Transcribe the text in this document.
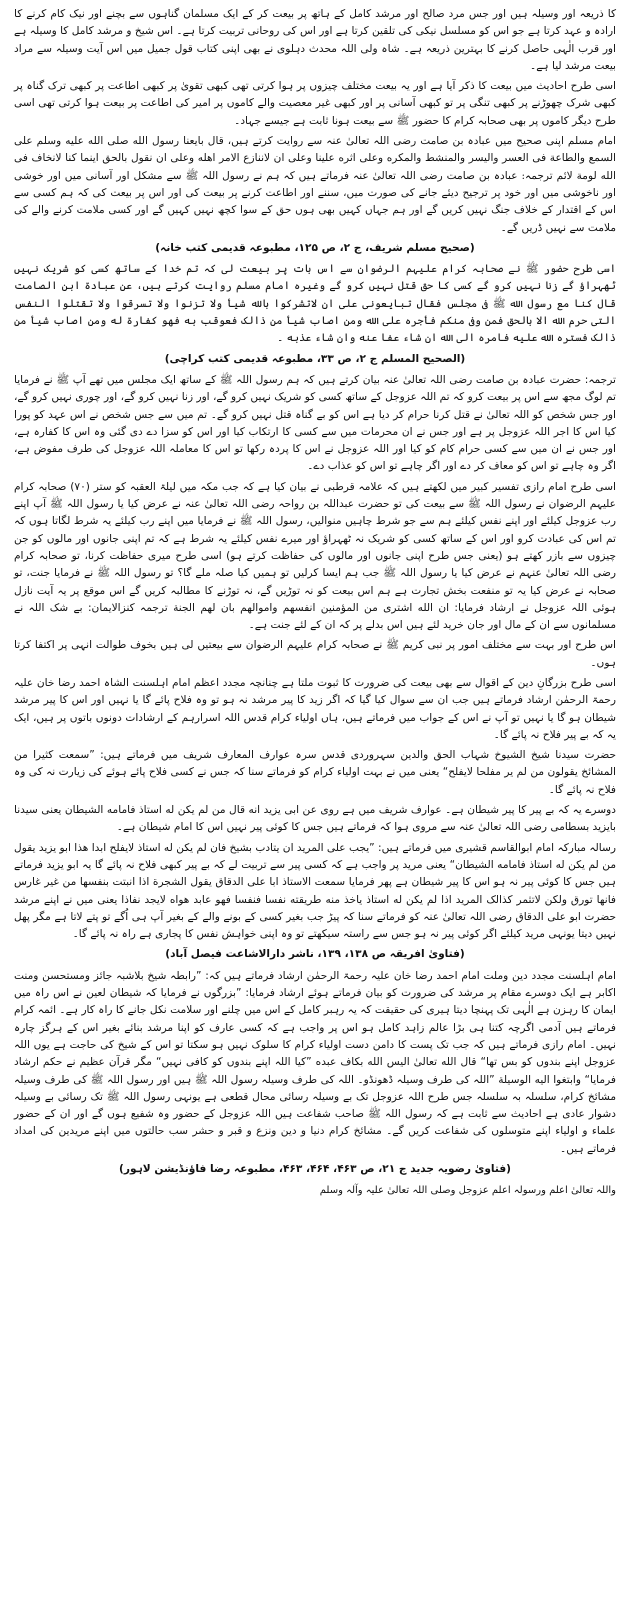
کا ذریعہ اور وسیلہ ہیں اور جس مرد صالح اور مرشد کامل کے ہاتھ پر بیعت کر کے ایک مسلمان گناہوں سے بچنے اور نیک کام کرنے کا ارادہ و عہد کرتا ہے جو اس کو مسلسل نیکی کی تلقین کرتا ہے اور اس کی روحانی تربیت کرتا ہے۔ اس شیخ و مرشد کامل کا وسیلہ ہے اور قرب الٰہی حاصل کرنے کا بہترین ذریعہ ہے۔ شاہ ولی اللہ محدث دہلوی نے بھی اپنی کتاب قول جمیل میں اس آیت وسیلہ سے مراد بیعت مرشد لیا ہے۔

اسی طرح احادیث میں بیعت کا ذکر آیا ہے اور یہ بیعت مختلف چیزوں پر ہوا کرتی تھی کبھی تقویٰ پر کبھی اطاعت پر کبھی ترک گناہ پر کبھی شرک چھوڑنے پر کبھی تنگی پر تو کبھی آسانی پر اور کبھی غیر معصیت والے کاموں پر امیر کی اطاعت پر بیعت ہوا کرتی تھی اسی طرح دیگر کاموں پر بھی صحابہ کرام کا حضور ﷺ سے بیعت ہونا ثابت ہے جیسے جہاد۔

امام مسلم اپنی صحیح میں عبادہ بن صامت رضی اللہ تعالیٰ عنہ سے روایت کرتے ہیں، قال بایعنا رسول الله صلی الله علیه وسلم علی السمع والطاعة فی العسر والیسر والمنشط والمکره وعلی اثره علینا وعلی ان لاننازع الامر اهله وعلی ان نقول بالحق اینما کنا لانخاف فی الله لومة لائم ترجمہ: عبادہ بن صامت رضی اللہ تعالیٰ عنہ فرماتے ہیں کہ ہم نے رسول اللہ ﷺ سے مشکل اور آسانی میں اور خوشی اور ناخوشی میں اور خود پر ترجیح دیئے جانے کی صورت میں، سننے اور اطاعت کرنے پر بیعت کی اور اس پر بیعت کی کہ ہم کسی سے اس کے اقتدار کے خلاف جنگ نہیں کریں گے اور ہم جہاں کہیں بھی ہوں حق کے سوا کچھ نہیں کہیں گے اور کسی ملامت کرنے والے کی ملامت سے نہیں ڈریں گے۔

(صحیح مسلم شریف، ج ۲، ص ۱۲۵، مطبوعہ قدیمی کتب خانہ)

اسی طرح حضور ﷺ نے صحابہ کرام علیہم الرضوان سے اس بات پر بیعت لی کہ تم خدا کے ساتھ کسی کو شریک نہیں ٹھہراؤ گے زنا نہیں کرو گے کسی کا حق قتل نہیں کرو گے وغیرہ امام مسلم روایت کرتے ہیں، عن عبادة ابن الصامت قال کنا مع رسول الله ﷺ فی مجلس فقال تبایعونی علی ان لاتشرکوا بالله شیأ ولا تزنوا ولا تسرقوا ولا تقتلوا النفس التی حرم الله الا بالحق فمن وفی منکم فأجره علی الله ومن اصاب شیأ من ذالک فعوقب به فهو کفارة له ومن اصاب شیأ من ذالک فستره الله علیه فامره الی الله ان شاء عفا عنه وان شاء عذبه ۔

(الصحیح المسلم ج ۲، ص ۳۳، مطبوعہ قدیمی کتب کراچی)

ترجمہ: حضرت عبادہ بن صامت رضی اللہ تعالیٰ عنہ بیان کرتے ہیں کہ ہم رسول اللہ ﷺ کے ساتھ ایک مجلس میں تھے آپ ﷺ نے فرمایا تم لوگ مجھ سے اس پر بیعت کرو کہ تم اللہ عزوجل کے ساتھ کسی کو شریک نہیں کرو گے، اور زنا نہیں کرو گے، اور چوری نہیں کرو گے، اور جس شخص کو اللہ تعالیٰ نے قتل کرنا حرام کر دیا ہے اس کو بے گناہ قتل نہیں کرو گے۔ تم میں سے جس شخص نے اس عہد کو پورا کیا اس کا اجر اللہ عزوجل پر ہے اور جس نے ان محرمات میں سے کسی کا ارتکاب کیا اور اس کو سزا دے دی گئی وہ اس کا کفارہ ہے، اور جس نے ان میں سے کسی حرام کام کو کیا اور اللہ عزوجل نے اس کا پردہ رکھا تو اس کا معاملہ اللہ عزوجل کی طرف مفوض ہے، اگر وہ چاہے تو اس کو معاف کر دے اور اگر چاہے تو اس کو عذاب دے۔

اسی طرح امام رازی تفسیر کبیر میں لکھتے ہیں کہ علامہ قرطبی نے بیان کیا ہے کہ جب مکہ میں لیلۃ العقبہ کو ستر (۷۰) صحابہ کرام علیہم الرضوان نے رسول اللہ ﷺ سے بیعت کی تو حضرت عبداللہ بن رواحہ رضی اللہ تعالیٰ عنہ نے عرض کیا یا رسول اللہ ﷺ آپ اپنے رب عزوجل کیلئے اور اپنے نفس کیلئے ہم سے جو شرط چاہیں منوالیں، رسول اللہ ﷺ نے فرمایا میں اپنے رب کیلئے یہ شرط لگاتا ہوں کہ تم اس کی عبادت کرو اور اس کے ساتھ کسی کو شریک نہ ٹھہراؤ اور میرے نفس کیلئے یہ شرط ہے کہ تم اپنی جانوں اور مالوں کو جن چیزوں سے بازر کھتے ہو (یعنی جس طرح اپنی جانوں اور مالوں کی حفاظت کرتے ہو) اسی طرح میری حفاظت کرنا، تو صحابہ کرام رضی اللہ تعالیٰ عنہم نے عرض کیا یا رسول اللہ ﷺ جب ہم ایسا کرلیں تو ہمیں کیا صلہ ملے گا؟ تو رسول اللہ ﷺ نے فرمایا جنت، تو صحابہ نے عرض کیا یہ تو منفعت بخش تجارت ہے ہم اس بیعت کو نہ توڑیں گے، نہ توڑنے کا مطالبہ کریں گے اس موقع پر یہ آیت نازل ہوئی اللہ عزوجل نے ارشاد فرمایا: ان الله اشتری من المؤمنین انفسهم واموالهم بان لهم الجنة ترجمہ کنزالایمان: بے شک اللہ نے مسلمانوں سے ان کے مال اور جان خرید لئے ہیں اس بدلے پر کہ ان کے لئے جنت ہے۔

اس طرح اور بہت سے مختلف امور پر نبی کریم ﷺ نے صحابہ کرام علیہم الرضوان سے بیعتیں لی ہیں بخوف طوالت انہی پر اکتفا کرتا ہوں۔

اسی طرح بزرگانِ دین کے اقوال سے بھی بیعت کی ضرورت کا ثبوت ملتا ہے چنانچہ مجدد اعظم امام اہلسنت الشاہ احمد رضا خان علیہ رحمۃ الرحمٰن ارشاد فرماتے ہیں جب ان سے سوال کیا گیا کہ اگر زید کا پیر مرشد نہ ہو تو وہ فلاح پائے گا یا نہیں اور اس کا پیر مرشد شیطان ہو گا یا نہیں تو آپ نے اس کے جواب میں فرماتے ہیں، ہاں اولیاء کرام قدس اللہ اسرارہم کے ارشادات دونوں باتوں پر ہیں، ایک یہ کہ بے پیر فلاح نہ پائے گا۔

حضرت سیدنا شیخ الشیوخ شہاب الحق والدین سہروردی قدس سرہ عوارف المعارف شریف میں فرماتے ہیں: ”سمعت کثیرا من المشائخ یقولون من لم یر مفلحا لایفلح“ یعنی میں نے بہت اولیاء کرام کو فرماتے سنا کہ جس نے کسی فلاح پائے ہوئے کی زیارت نہ کی وہ فلاح نہ پائے گا۔

دوسرے یہ کہ بے پیر کا پیر شیطان ہے۔ عوارف شریف میں ہے روی عن ابی یزید انه قال من لم یکن له استاذ فامامه الشیطان یعنی سیدنا بایزید بسطامی رضی اللہ تعالیٰ عنہ سے مروی ہوا کہ فرماتے ہیں جس کا کوئی پیر نہیں اس کا امام شیطان ہے۔

رسالہ مبارکہ امام ابوالقاسم قشیری میں فرماتے ہیں: ”یجب علی المرید ان یتادب بشیخ فان لم یکن له استاذ لایفلح ابدا هذا ابو یزید یقول من لم یکن له استاذ فامامه الشیطان“ یعنی مرید پر واجب ہے کہ کسی پیر سے تربیت لے کہ بے پیر کبھی فلاح نہ پائے گا یہ ابو یزید فرماتے ہیں جس کا کوئی پیر نہ ہو اس کا پیر شیطان ہے پھر فرمایا سمعت الاستاذ ابا علی الدقاق یقول الشجرة اذا انبتت بنفسها من غیر غارس فانها تورق ولکن لاتثمر کذالک المرید اذا لم یکن له استاذ یاخذ منه طریقته نفسا فنفسا فهو عابد هواه لایجد نفاذا یعنی میں نے اپنے مرشد حضرت ابو علی الدقاق رضی اللہ تعالیٰ عنہ کو فرماتے سنا کہ پیڑ جب بغیر کسی کے بونے والے کے بغیر آپ ہی اُگے تو پتے لاتا ہے مگر پھل نہیں دیتا یونہی مرید کیلئے اگر کوئی پیر نہ ہو جس سے راستہ سیکھتے تو وہ اپنی خواہش نفس کا پجاری ہے راہ نہ پائے گا۔

(فتاویٰ افریقہ ص ۱۳۸، ۱۳۹، ناشر دارالاشاعت فیصل آباد)

امام اہلسنت مجدد دین وملت امام احمد رضا خان علیہ رحمۃ الرحمٰن ارشاد فرماتے ہیں کہ: ”رابطہ شیخ بلاشبہ جائز ومستحسن ومنت اکابر ہے ایک دوسرے مقام پر مرشد کی ضرورت کو بیان فرماتے ہوئے ارشاد فرمایا: ”بزرگوں نے فرمایا کہ شیطان لعین نے اس راہ میں ایمان کا رہزن ہے الٰہی تک پہنچا دیتا ہیری کی حقیقت کہ یہ رہبر کامل کے اس میں چلنے اور سلامت نکل جانے کا راہ کار ہے۔ ائمہ کرام فرماتے ہیں آدمی اگرچہ کتنا ہی بڑا عالم زاہد کامل ہو اس پر واجب ہے کہ کسی عارف کو اپنا مرشد بنائے بغیر اس کے ہرگز چارہ نہیں۔ امام رازی فرماتے ہیں کہ جب تک پست کا دامن دست اولیاء کرام کا سلوک نہیں ہو سکتا تو اس کے شیخ کی حاجت ہے یوں اللہ عزوجل اپنے بندوں کو بس تھا“ قال الله تعالیٰ الیس الله بکاف عبده ”کیا اللہ اپنے بندوں کو کافی نہیں“ مگر قرآن عظیم نے حکم ارشاد فرمایا“ وابتغوا الیه الوسیلة ”اللہ کی طرف وسیلہ ڈھونڈو۔ اللہ کی طرف وسیلہ رسول اللہ ﷺ ہیں اور رسول اللہ ﷺ کی طرف وسیلہ مشائخ کرام، سلسلہ بہ سلسلہ جس طرح اللہ عزوجل تک بے وسیلہ رسائی محال قطعی ہے یونہی رسول اللہ ﷺ تک رسائی بے وسیلہ دشوار عادی ہے احادیث سے ثابت ہے کہ رسول اللہ ﷺ صاحب شفاعت ہیں اللہ عزوجل کے حضور وہ شفیع ہوں گے اور ان کے حضور علماء و اولیاء اپنے متوسلوں کی شفاعت کریں گے۔ مشائخ کرام دنیا و دین ونزع و قبر و حشر سب حالتوں میں اپنے مریدین کی امداد فرماتے ہیں۔

(فتاویٰ رضویہ جدید ج ۲۱، ص ۴۶۳، ۴۶۴، ۴۶۳، مطبوعہ رضا فاؤنڈیشن لاہور)

واللہ تعالیٰ اعلم ورسولہ اعلم عزوجل وصلی اللہ تعالیٰ علیہ وآلہ وسلم
